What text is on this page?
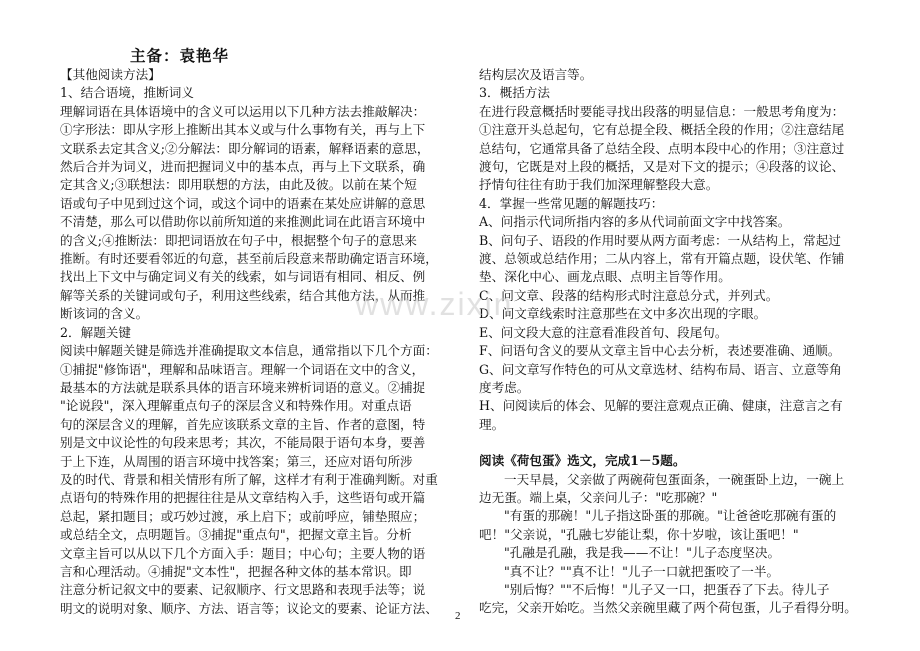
主备：袁艳华

【其他阅读方法】

1、结合语境，推断词义

理解词语在具体语境中的含义可以运用以下几种方法去推敲解决：

①字形法：即从字形上推断出其本义或与什么事物有关，再与上下

文联系去定其含义;②分解法：即分解词的语素，解释语素的意思，

然后合并为词义，进而把握词义中的基本点，再与上下文联系，确

定其含义;③联想法：即用联想的方法，由此及彼。以前在某个短

语或句子中见到过这个词，或这个词中的语素在某处应讲解的意思

不清楚，那么可以借助你以前所知道的来推测此词在此语言环境中

的含义;④推断法：即把词语放在句子中，根据整个句子的意思来

推断。有时还要看邻近的句意，甚至前后段意来帮助确定语言环境，

找出上下文中与确定词义有关的线索，如与词语有相同、相反、例

解等关系的关键词或句子，利用这些线索，结合其他方法，从而推

断该词的含义。

2．解题关键

阅读中解题关键是筛选并准确提取文本信息，通常指以下几个方面：

①捕捉"修饰语"，理解和品味语言。理解一个词语在文中的含义，

最基本的方法就是联系具体的语言环境来辨析词语的意义。②捕捉

"论说段"，深入理解重点句子的深层含义和特殊作用。对重点语

句的深层含义的理解，首先应该联系文章的主旨、作者的意图，特

别是文中议论性的句段来思考；其次，不能局限于语句本身，要善

于上下连，从周围的语言环境中找答案；第三，还应对语句所涉

及的时代、背景和相关情形有所了解，这样才有利于准确判断。对重

点语句的特殊作用的把握往往是从文章结构入手，这些语句或开篇

总起，紧扣题目；或巧妙过渡，承上启下；或前呼应，铺垫照应；

或总结全文，点明题旨。③捕捉"重点句"，把握文章主旨。分析

文章主旨可以从以下几个方面入手：题目；中心句；主要人物的语

言和心理活动。④捕捉"文本性"，把握各种文体的基本常识。即

注意分析记叙文中的要素、记叙顺序、行文思路和表现手法等；说

明文的说明对象、顺序、方法、语言等；议论文的要素、论证方法、

结构层次及语言等。

3．概括方法

在进行段意概括时要能寻找出段落的明显信息：一般思考角度为：

①注意开头总起句，它有总提全段、概括全段的作用；②注意结尾

总结句，它通常具备了总结全段、点明本段中心的作用；③注意过

渡句，它既是对上段的概括，又是对下文的提示；④段落的议论、

抒情句往往有助于我们加深理解整段大意。

4．掌握一些常见题的解题技巧：

A、问指示代词所指内容的多从代词前面文字中找答案。

B、问句子、语段的作用时要从两方面考虑：一从结构上，常起过

渡、总领或总结作用；二从内容上，常有开篇点题，设伏笔、作铺

垫、深化中心、画龙点眼、点明主旨等作用。

C、问文章、段落的结构形式时注意总分式，并列式。

D、问文章线索时注意那些在文中多次出现的字眼。

E、问文段大意的注意看准段首句、段尾句。

F、问语句含义的要从文章主旨中心去分析，表述要准确、通顺。

G、问文章写作特色的可从文章选材、结构布局、语言、立意等角

度考虑。

H、问阅读后的体会、见解的要注意观点正确、健康，注意言之有

理。

阅读《荷包蛋》选文，完成1－5题。

一天早晨，父亲做了两碗荷包蛋面条，一碗蛋卧上边，一碗上

边无蛋。端上桌，父亲问儿子："吃那碗？"

"有蛋的那碗！"儿子指这卧蛋的那碗。"让爸爸吃那碗有蛋的

吧！"父亲说，"孔融七岁能让梨，你十岁啦，该让蛋吧！"

"孔融是孔融，我是我——不让！"儿子态度坚决。

"真不让？""真不让！"儿子一口就把蛋咬了一半。

"别后悔？""不后悔！"儿子又一口，把蛋吞了下去。待儿子

吃完，父亲开始吃。当然父亲碗里藏了两个荷包蛋，儿子看得分明。

www.zixin
2
